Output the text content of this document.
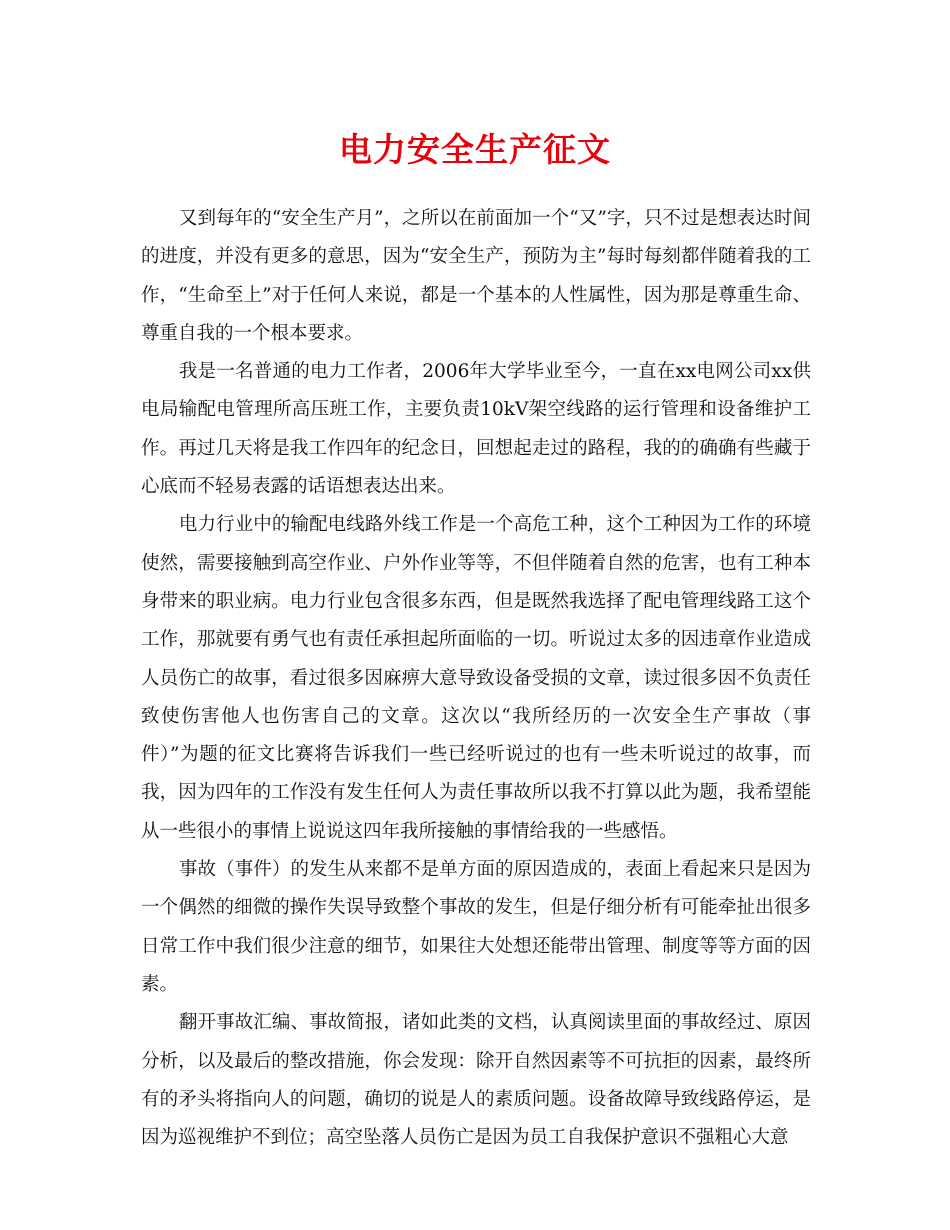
电力安全生产征文

又到每年的“安全生产月”，之所以在前面加一个“又”字，只不过是想表达时间的进度，并没有更多的意思，因为“安全生产，预防为主”每时每刻都伴随着我的工作，“生命至上”对于任何人来说，都是一个基本的人性属性，因为那是尊重生命、尊重自我的一个根本要求。

我是一名普通的电力工作者，2006年大学毕业至今，一直在xx电网公司xx供电局输配电管理所高压班工作，主要负责10kV架空线路的运行管理和设备维护工作。再过几天将是我工作四年的纪念日，回想起走过的路程，我的的确确有些藏于心底而不轻易表露的话语想表达出来。

电力行业中的输配电线路外线工作是一个高危工种，这个工种因为工作的环境使然，需要接触到高空作业、户外作业等等，不但伴随着自然的危害，也有工种本身带来的职业病。电力行业包含很多东西，但是既然我选择了配电管理线路工这个工作，那就要有勇气也有责任承担起所面临的一切。听说过太多的因违章作业造成人员伤亡的故事，看过很多因麻痹大意导致设备受损的文章，读过很多因不负责任致使伤害他人也伤害自己的文章。这次以“我所经历的一次安全生产事故（事件）”为题的征文比赛将告诉我们一些已经听说过的也有一些未听说过的故事，而我，因为四年的工作没有发生任何人为责任事故所以我不打算以此为题，我希望能从一些很小的事情上说说这四年我所接触的事情给我的一些感悟。

事故（事件）的发生从来都不是单方面的原因造成的，表面上看起来只是因为一个偶然的细微的操作失误导致整个事故的发生，但是仔细分析有可能牵扯出很多日常工作中我们很少注意的细节，如果往大处想还能带出管理、制度等等方面的因素。

翻开事故汇编、事故简报，诸如此类的文档，认真阅读里面的事故经过、原因分析，以及最后的整改措施，你会发现：除开自然因素等不可抗拒的因素，最终所有的矛头将指向人的问题，确切的说是人的素质问题。设备故障导致线路停运，是因为巡视维护不到位；高空坠落人员伤亡是因为员工自我保护意识不强粗心大意
